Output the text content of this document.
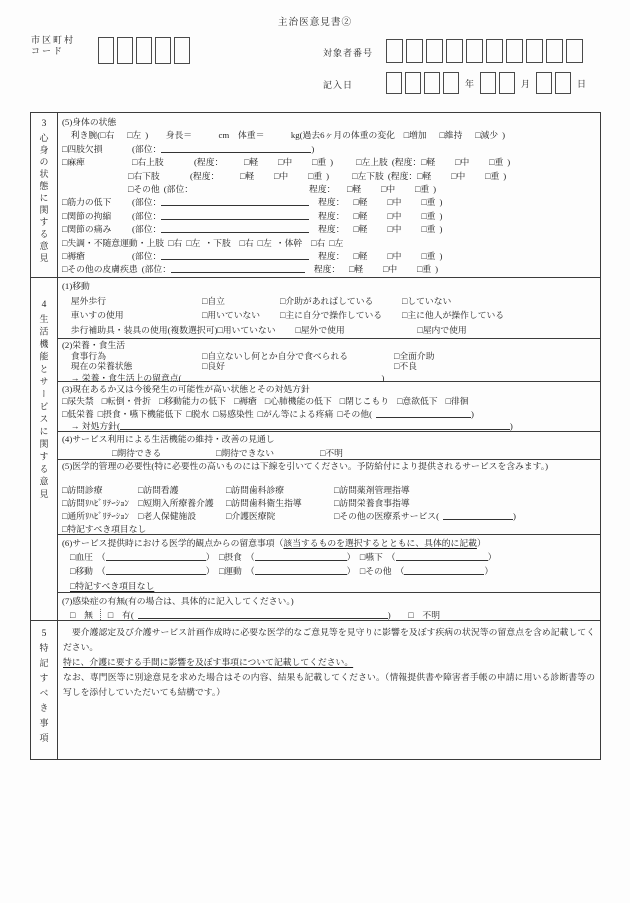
主治医意見書②
市区町村
コード	対象者番号
記入日	年	月	日
3
心身の状態に関する意見
(5)身体の状態
　利き腕(□右　 □左 )　　身長＝　　　cm　体重＝　　　kg(過去6ヶ月の体重の変化　□増加　 □維持　 □減少 )
□四肢欠損	(部位：	)
□麻痺	□右上肢	(程度：　□軽 □中 □重 )	□左上肢 (程度：□軽 □中 □重 )
□右下肢	(程度：　□軽 □中 □重 )	□左下肢 (程度：□軽 □中 □重 )
□その他 (部位：	程度： □軽 □中 □重 )
□筋力の低下 (部位：	　程度： □軽 □中 □重 )
□関節の拘縮 (部位：	　程度： □軽 □中 □重 )
□関節の痛み (部位：	　程度： □軽 □中 □重 )
□失調・不随意運動・上肢 □右 □左 ・下肢　□右 □左 ・体幹　□右 □左
□褥瘡	(部位：	　程度： □軽 □中 □重 )
□その他の皮膚疾患 (部位：	　程度： □軽 □中 □重 )
4
生活機能とサービスに関する意見
(1)移動
　屋外歩行	□自立	□介助があればしている	□していない
　車いすの使用	□用いていない □主に自分で操作している □主に他人が操作している
　歩行補助具・装具の使用(複数選択可)□用いていない □屋外で使用	□屋内で使用
(2)栄養・食生活
　食事行為	□自立ないし何とか自分で食べられる	□全面介助
　現在の栄養状態	□良好	□不良
　→ 栄養・食生活上の留意点(	)
(3)現在あるか又は今後発生の可能性が高い状態とその対処方針
□尿失禁 □転倒・骨折 □移動能力の低下 □褥瘡 □心肺機能の低下 □閉じこもり □意欲低下 □徘徊
□低栄養 □摂食・嚥下機能低下 □脱水 □易感染性 □がん等による疼痛 □その他(	)
　→ 対処方針(	)
(4)サービス利用による生活機能の維持・改善の見通し
□期待できる	□期待できない	□不明
(5)医学的管理の必要性(特に必要性の高いものには下線を引いてください。予防給付により提供されるサービスを含みます。)
□訪問診療	□訪問看護	□訪問歯科診療	□訪問薬剤管理指導
□訪問ﾘﾊﾋﾞﾘﾃｰｼｮﾝ □短期入所療養介護 □訪問歯科衛生指導	□訪問栄養食事指導
□通所ﾘﾊﾋﾞﾘﾃｰｼｮﾝ □老人保健施設	□介護医療院	□その他の医療系サービス(	)
□特記すべき項目なし
(6)サービス提供時における医学的観点からの留意事項（該当するものを選択するとともに、具体的に記載）
□血圧 （	）　□摂食 （	）　□嚥下 （	）
□移動 （	）　□運動 （	）　□その他 （	）
□特記すべき項目なし
(7)感染症の有無(有の場合は、具体的に記入してください。)
□　無 □　有(	)　　□　不明
5
特記すべき事項
　要介護認定及び介護サービス計画作成時に必要な医学的なご意見等を見守りに影響を及ぼす疾病の状況等の留意点を含め記載してください。特に、介護に要する手間に影響を及ぼす事項について記載してください。なお、専門医等に別途意見を求めた場合はその内容、結果も記載してください。（情報提供書や障害者手帳の申請に用いる診断書等の写しを添付していただいても結構です。）
